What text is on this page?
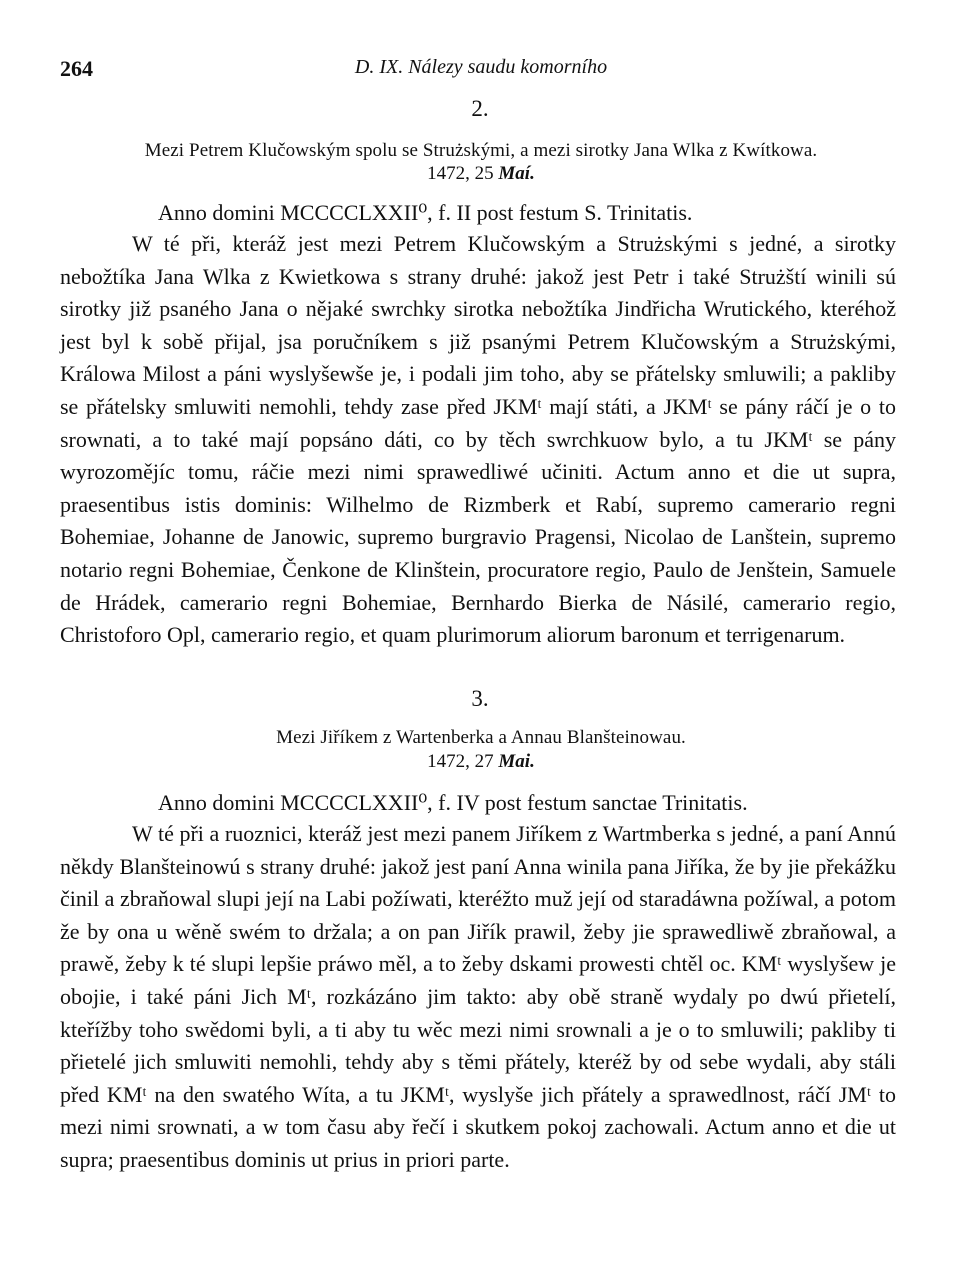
264	D. IX. Nálezy saudu komorního
2.
Mezi Petrem Klučowským spolu se Strużskými, a mezi sirotky Jana Wlka z Kwítkowa.
1472, 25 Maí.
Anno domini MCCCCLXXII⁰, f. II post festum S. Trinitatis.

W té při, kteráž jest mezi Petrem Klučowským a Strużskými s jedné, a sirotky nebožtíka Jana Wlka z Kwietkowa s strany druhé: jakož jest Petr i také Strużští winili sú sirotky již psaného Jana o nějaké swrchky sirotka nebožtíka Jindřicha Wrutického, kteréhož jest byl k sobě přijal, jsa poručníkem s již psanými Petrem Klučowským a Strużskými, Králowa Milost a páni wyslyšewše je, i podali jim toho, aby se přátelsky smluwili; a pakliby se přátelsky smluwiti nemohli, tehdy zase před JKMᵗ mají státi, a JKMᵗ se pány ráčí je o to srownati, a to také mají popsáno dáti, co by těch swrchkuow bylo, a tu JKMᵗ se pány wyrozomějíc tomu, ráčie mezi nimi sprawedliwé učiniti. Actum anno et die ut supra, praesentibus istis dominis: Wilhelmo de Rizmberk et Rabí, supremo camerario regni Bohemiae, Johanne de Janowic, supremo burgravio Pragensi, Nicolao de Lanštein, supremo notario regni Bohemiae, Čenkone de Klinštein, procuratore regio, Paulo de Jenštein, Samuele de Hrádek, camerario regni Bohemiae, Bernhardo Bierka de Násilé, camerario regio, Christoforo Opl, camerario regio, et quam plurimorum aliorum baronum et terrigenarum.

3.
Mezi Jiříkem z Wartenberka a Annau Blanšteinowau.
1472, 27 Mai.
Anno domini MCCCCLXXII⁰, f. IV post festum sanctae Trinitatis.

W té při a ruoznici, kteráž jest mezi panem Jiříkem z Wartmberka s jedné, a paní Annú někdy Blanšteinowú s strany druhé: jakož jest paní Anna winila pana Jiříka, že by jie překážku činil a zbraňowal slupi její na Labi požíwati, kteréžto muž její od staradáwna požíwal, a potom že by ona u wěně swém to držala; a on pan Jiřík prawil, žeby jie sprawedliwě zbraňowal, a prawě, žeby k té slupi lepšie práwo měl, a to žeby dskami prowesti chtěl oc. KMᵗ wyslyšew je obojie, i také páni Jich Mᵗ, rozkázáno jim takto: aby obě straně wydaly po dwú přietelí, kteřížby toho swědomi byli, a ti aby tu wěc mezi nimi srownali a je o to smluwili; pakliby ti přietelé jich smluwiti nemohli, tehdy aby s těmi přátely, kteréž by od sebe wydali, aby stáli před KMᵗ na den swatého Wíta, a tu JKMᵗ, wyslyše jich přátely a sprawedlnost, ráčí JMᵗ to mezi nimi srownati, a w tom času aby řečí i skutkem pokoj zachowali. Actum anno et die ut supra; praesentibus dominis ut prius in priori parte.
